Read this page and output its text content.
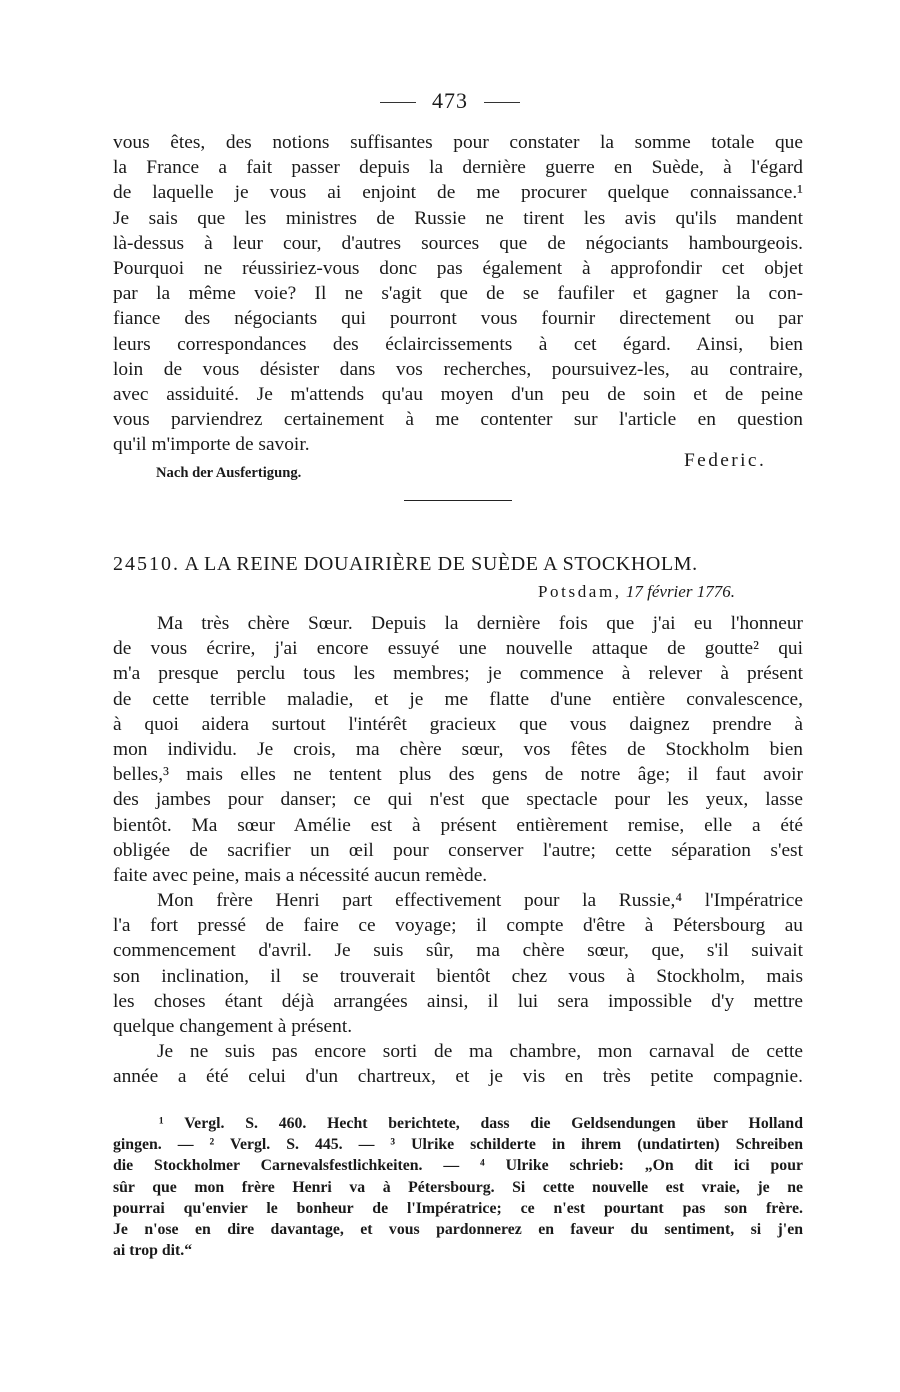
473
vous êtes, des notions suffisantes pour constater la somme totale que
la France a fait passer depuis la dernière guerre en Suède, à l'égard
de laquelle je vous ai enjoint de me procurer quelque connaissance.¹
Je sais que les ministres de Russie ne tirent les avis qu'ils mandent
là-dessus à leur cour, d'autres sources que de négociants hambourgeois.
Pourquoi ne réussiriez-vous donc pas également à approfondir cet objet
par la même voie? Il ne s'agit que de se faufiler et gagner la con-
fiance des négociants qui pourront vous fournir directement ou par
leurs correspondances des éclaircissements à cet égard. Ainsi, bien
loin de vous désister dans vos recherches, poursuivez-les, au contraire,
avec assiduité. Je m'attends qu'au moyen d'un peu de soin et de peine
vous parviendrez certainement à me contenter sur l'article en question
qu'il m'importe de savoir.
Federic.
Nach der Ausfertigung.
24510. A LA REINE DOUAIRIÈRE DE SUÈDE A STOCKHOLM.
Potsdam, 17 février 1776.
Ma très chère Sœur. Depuis la dernière fois que j'ai eu l'honneur
de vous écrire, j'ai encore essuyé une nouvelle attaque de goutte² qui
m'a presque perclu tous les membres; je commence à relever à présent
de cette terrible maladie, et je me flatte d'une entière convalescence,
à quoi aidera surtout l'intérêt gracieux que vous daignez prendre à
mon individu. Je crois, ma chère sœur, vos fêtes de Stockholm bien
belles,³ mais elles ne tentent plus des gens de notre âge; il faut avoir
des jambes pour danser; ce qui n'est que spectacle pour les yeux, lasse
bientôt. Ma sœur Amélie est à présent entièrement remise, elle a été
obligée de sacrifier un œil pour conserver l'autre; cette séparation s'est
faite avec peine, mais a nécessité aucun remède.
Mon frère Henri part effectivement pour la Russie,⁴ l'Impératrice
l'a fort pressé de faire ce voyage; il compte d'être à Pétersbourg au
commencement d'avril. Je suis sûr, ma chère sœur, que, s'il suivait
son inclination, il se trouverait bientôt chez vous à Stockholm, mais
les choses étant déjà arrangées ainsi, il lui sera impossible d'y mettre
quelque changement à présent.
Je ne suis pas encore sorti de ma chambre, mon carnaval de cette
année a été celui d'un chartreux, et je vis en très petite compagnie.
¹ Vergl. S. 460. Hecht berichtete, dass die Geldsendungen über Holland
gingen. — ² Vergl. S. 445. — ³ Ulrike schilderte in ihrem (undatirten) Schreiben
die Stockholmer Carnevalsfestlichkeiten. — ⁴ Ulrike schrieb: „On dit ici pour
sûr que mon frère Henri va à Pétersbourg. Si cette nouvelle est vraie, je ne
pourrai qu'envier le bonheur de l'Impératrice; ce n'est pourtant pas son frère.
Je n'ose en dire davantage, et vous pardonnerez en faveur du sentiment, si j'en
ai trop dit.“
